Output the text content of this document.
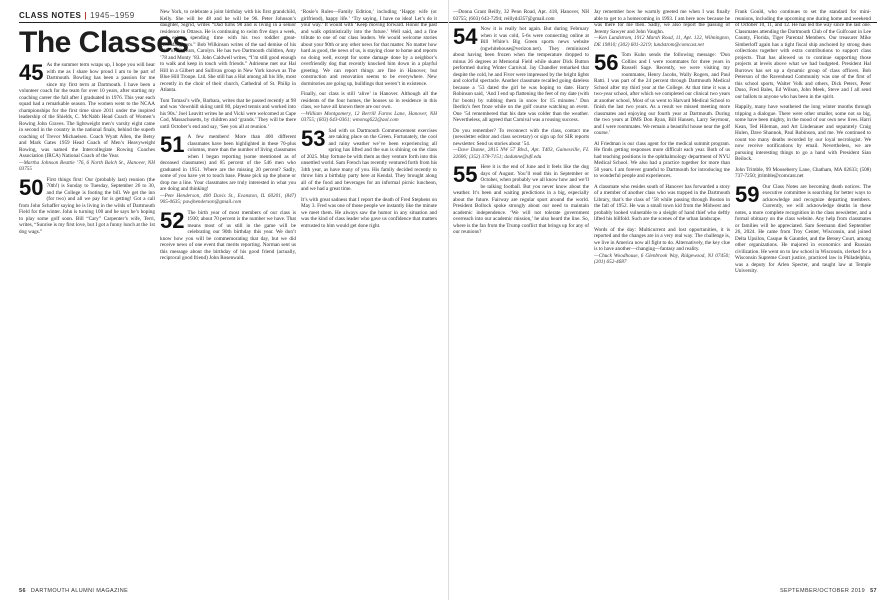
CLASS NOTES | 1945–1959
The Classes
45 As the summer term wraps up, I hope you will hear with me as I share how proud I am to be part of Dartmouth. Bowling has been a passion for me since my first term at Dartmouth. I have been a volunteer coach for the team for over 10 years, after starting my coaching career the fall after I graduated in 1976. This year each squad had a remarkable season. The women went to the NCAA championships for the first time since 2011 under the inspired leadership of the Shields, C. McNabb Head Coach of Women’s Rowing John Graves. The lightweight men’s varsity eight came in second in the country in the national finals, behind the superb coaching of Trevor Michaelsen. Coach Wyatt Allen, the Betsy and Mark Gates 1959 Head Coach of Men’s Heavyweight Rowing, was named the Intercollegiate Rowing Coaches Association (IRCA) National Coach of the Year.
—Martha Johnson Beattie ’76, 6 North Balch St., Hanover, NH 03755
50 First things first: Our (probably last) reunion (the 70th!) is Sunday to Tuesday, September 26 to 30, and the College is footing the bill. We get the inn (for two) and all we pay for is getting! Got a call from John Schaffer saying he is living in the wilds of Dartmouth Field for the winter. John is turning 100 and he says he’s hoping to play some golf soon. Bill “Cary” Carpenter’s wife, Terri, writes, “Sunrise is my first love, but I got a funny lunch at the 1st dog wags.”
New York, to celebrate a joint birthday with his first grandchild, Kelly. She will be 48 and he will be 96. Peter Johnson’s daughter, Sigrid, writes “Dad turns 98 and is living in a senior residence in Ottawa. He is continuing to swim five days a week, and enjoys spending time with his two toddler great-granddaughters.” Bob Wilkinson writes of the sad demise of his wife of 72 years, Carolyn. He has two Dartmouth children, Amy ’78 and Monty ’83. John Caldwell writes, “I’m still good enough to walk and keep in touch with friends.” Adrienne met our Hal Hill in a Gilbert and Sullivan group in New York known as The Blue Hill Troupe. Ltd. She still has a Hal among all his life, most recently in the choir of their church, Cathedral of St. Philip in Atlanta.
Tom Tomasi’s wife, Barbara, writes that he passed recently at 98 and was ‘downhill skiing until 80, played tennis and worked into his 90s.’ Joel Leavitt writes he and Vicki were welcomed at Cape Cod, Massachusetts, by children and ‘grands.’ They will be there until October’s end and say, ‘See you all at reunion.’
51 A few members! More than 400 different classmates have been highlighted in these 70-plus columns, more than the number of living classmates when I began reporting (some mentioned as of deceased classmates) and 85 percent of the 546 men who graduated in 1951. Where are the missing 20 percent? Sadly, some of you have yet to touch base. Please pick up the phone or drop me a line. Your classmates are truly interested in what you are doing and thinking!
—Pete Henderson, 400 Davis St., Evanston, IL 60201, (847) 905-0635; pawjhenderson@gmail.com
52 The birth year of most members of our class is 1930; about 70 percent is the number we have. That means most of us still in the game will be celebrating our 90th birthday this year. We don’t know how you will be commemorating that day, but we did receive news of one event that merits reporting. Norman sent us this message about the birthday of his good friend (actually, reciprocal good friend) John Rosenwald.
‘Rosie’s Rules—Family Edition,’ including ‘Happy wife (or girlfriend), happy life.’ ‘Try saying, I have no idea! Let’s do it your way.’ It would with ‘Keep moving forward. Honor the past and walk optimistically into the future.’ Well said, and a fine tribute to one of our class leaders. We would welcome stories about your 90th or any other news for that matter. No matter how hard as good, the news of us, is staying close to home and reports no doing well, except for some damage done by a neighbor’s overfriendly dog that recently knocked him down in a playful greeting. We can report things are fine in Hanover, but construction and renovation seems to be everywhere. New dormitories are going up, buildings that weren’t in existence.
Finally, our class is still ‘alive’ in Hanover. Although all the residents of the four homes, the houses so in residence in this class, we have all known there are our own.
—William Montgomery, 12 Berrill Farms Lane, Hanover, NH 03755; (603) 643-0361; wmonsg622@aol.com
53 Sad with us Dartmouth Commencement exercises are taking place on the Green. Fortunately, the cool and rainy weather we’ve been experiencing all spring has lifted and the sun is shining on the class of 2025. May fortune be with them as they venture forth into this unsettled world. Sam French has recently ventured forth from his 34th year, as have many of you. His family decided recently to throw him a birthday party here at Kendal. They brought along all of the food and beverages for an informal picnic luncheon, and we had a great time.
It’s with great sadness that I report the death of Fred Stephens on May 3. Fred was one of those people we instantly like the minute we meet them. He always saw the humor in any situation and was the kind of class leader who gave us confidence that matters entrusted to him would get done right.
—Donna Grant Reilly, 32 Penn Road, Apt. 418, Hanover, NH 03755; (603) 643-7294; reillyd4357@gmail.com
54 Now it is really hot again. But during February when it was cold, 5-6s were connecting online at Bill White’s Big Green sports news website (ngwhitehouse@verizon.net). They reminisced about having been frozen when the temperature dropped to minus 26 degrees at Memorial Field while skater Dick Button performed during Winter Carnival. Jay Chandler remarked that despite the cold, he and Fiver were impressed by the bright lights and colorful spectacle. Another classmate recalled going dateless because a ’53 dated the girl he was hoping to date. Harry Robinson said, ‘And I end up flattening the feet of my date (with fur boots) by rubbing them in snow for 15 minutes.’ Don Iberlin’s feet froze while on the golf course watching an event. One ’54 remembered that his date was colder than the weather. Nevertheless, all agreed that Carnival was a rousing success.
Do you remember? To reconnect with the class, contact me (newsletter editor and class secretary) or sign up for SIR reports newsletter. Send us stories about ’54.
—Dave Dunne, 2815 NW 57 Blvd., Apt. T403, Gainesville, FL 32606; (352) 378-7151; dadunne@ufl.edu
55 Here it is the end of June and it feels like the dog days of August. You’ll read this in September or October, when probably we all know how and we’ll be talking football. But you never know about the weather. It’s been and waiting predictions in a big, especially about the future. Fairway are regular sport around the world. President Bollock spoke strongly about our need to maintain academic independence. ‘We will not tolerate government overreach into our academic mission,’ he also heard the line. So, where is the fan from the Trump conflict that brings up for any of our reunions?
Jay remember how he warmly greeted me when I was finally able to get to a homecoming in 1993. I am here now because he was there for me then. Sadly, we also report the passing of Jeremy Sawyer and John Vaughn.
—Ken Lundstrom, 1912 Marsh Road, 11, Apt. 122, Wilmington, DE 19810; (302) 601-3219; lundstrom@comcast.net
56 Tom Kuhn sends the following message: ‘Don Collins and I were roommates for three years in Russell Sage. Recently, we were visiting my roommates, Henry Jacobs, Wally Rogers, and Paul Ratti. I was part of the 24 percent through Dartmouth Medical School after my third year at the College. At that time it was a two-year school, after which we completed our clinical two years at another school, Most of us went to Harvard Medical School to finish the last two years. As a result we missed meeting more classmates and enjoying our fourth year at Dartmouth. During the two years at DMS Don Ryan, Bill Hansen, Larry Seymour, and I were roommates. We remain a beautiful house near the golf course.’
Al Friedman is our class agent for the medical summit program. He finds getting responses more difficult each year. Both of us had teaching positions in the ophthalmology department of NYU Medical School. We also had a practice together for more than 50 years. I am forever grateful to Dartmouth for introducing me to wonderful people and experiences.
A classmate who resides south of Hanover has forwarded a story of a member of another class who was trapped in the Dartmouth Library, that’s the class of ’58 while passing through Boston in the fall of 1952. He was a small town kid from the Midwest and probably looked vulnerable to a sleight of hand thief who deftly lifted his billfold. Such are the scenes of the urban landscape.
Words of the day: Multicurrent and lost opportunities, it is reported and the changes are in a very real way. The challenge is, we live in America now all fight to do. Alternatively, the key clue is to have another—changing—fantasy and reality.
—Chuck Woodhouse, 6 Glenbrook Way, Ridgewood, NJ 07450; (201) 652-4687
Frank Gould, who continues to set the standard for mini-reunions, including the upcoming one during home and weekend of October 10, 11, and 12. He has led the way since the last one. Classmates attending the Dartmouth Club of the Gulfcoast in Lee County, Florida, Tiger Parental Members. Our treasurer Mike Simberloff again has a tight fiscal ship anchored by strong dues collections together with extra contributions to support class projects. That has allowed us to continue supporting those projects at levels above what we had budgeted. President Hal Burrows has set up a dynamic group of class officers. Bob Peterson of the Ravenhead Community was one of the first of this school sports, Walter Volk and others, Dick Peters, Peter Duso, Fred Bales, Ed Wilson, John Meek, Steve and I all send our ballots to anyone who has been in the spirit.
Happily, many have weathered the long winter months through tripping a dialogue. There were other smaller, some not so big, some have been mighty, in the mood of our own new lives. Harri Kean, Ted Hileman, and Art Lindenauer and separately Craig Hulen, Dave Shannok, Paul Robinson, and me. We continued to count too many deaths recorded by our loyal necrologist. We now receive notifications by email. Nevertheless, we are pursuing interesting things to go a hand with President Sian Beilock.
John Trimble, 99 Mooseberry Lane, Chatham, MA 02633; (508) 737-7250; jtrimble@comcast.net
59 Our Class Notes are becoming death notices. The executive committee is searching for better ways to acknowledge and recognize departing members. Currently, we will acknowledge deaths in these notes, a more complete recognition in the class newsletter, and a formal obituary on the class website. Any help from classmates or families will be appreciated. Sam Seemann died September 26, 2024. He came from Troy Center, Wisconsin, and joined Delta Upsilon, Casque & Gauntlet, and the Betsey Court, among other organizations. He majored in economics and Russian civilization. He went on to law school in Wisconsin, clerked for a Wisconsin Supreme Court justice, practiced law in Philadelphia, was a deputy for Arlen Specter, and taught law at Temple University.
56 DARTMOUTH ALUMNI MAGAZINE	SEPTEMBER/OCTOBER 2019 57
